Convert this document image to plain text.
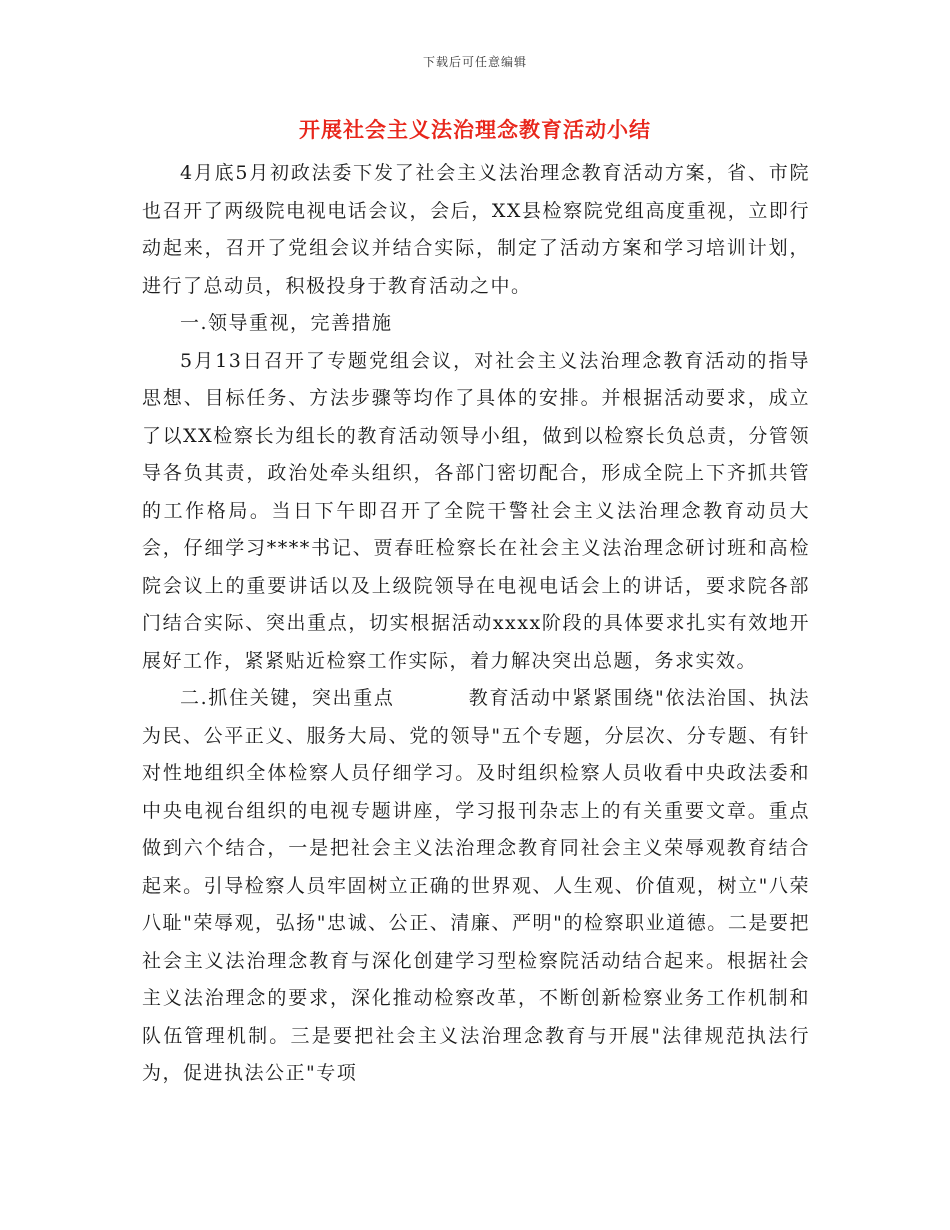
下载后可任意编辑
开展社会主义法治理念教育活动小结

4月底5月初政法委下发了社会主义法治理念教育活动方案，省、市院也召开了两级院电视电话会议，会后，XX县检察院党组高度重视，立即行动起来，召开了党组会议并结合实际，制定了活动方案和学习培训计划，进行了总动员，积极投身于教育活动之中。

一.领导重视，完善措施

5月13日召开了专题党组会议，对社会主义法治理念教育活动的指导思想、目标任务、方法步骤等均作了具体的安排。并根据活动要求，成立了以XX检察长为组长的教育活动领导小组，做到以检察长负总责，分管领导各负其责，政治处牵头组织，各部门密切配合，形成全院上下齐抓共管的工作格局。当日下午即召开了全院干警社会主义法治理念教育动员大会，仔细学习****书记、贾春旺检察长在社会主义法治理念研讨班和高检院会议上的重要讲话以及上级院领导在电视电话会上的讲话，要求院各部门结合实际、突出重点，切实根据活动xxxx阶段的具体要求扎实有效地开展好工作，紧紧贴近检察工作实际，着力解决突出总题，务求实效。

二.抓住关键，突出重点	教育活动中紧紧围绕"依法治国、执法为民、公平正义、服务大局、党的领导"五个专题，分层次、分专题、有针对性地组织全体检察人员仔细学习。及时组织检察人员收看中央政法委和中央电视台组织的电视专题讲座，学习报刊杂志上的有关重要文章。重点做到六个结合，一是把社会主义法治理念教育同社会主义荣辱观教育结合起来。引导检察人员牢固树立正确的世界观、人生观、价值观，树立"八荣八耻"荣辱观，弘扬"忠诚、公正、清廉、严明"的检察职业道德。二是要把社会主义法治理念教育与深化创建学习型检察院活动结合起来。根据社会主义法治理念的要求，深化推动检察改革，不断创新检察业务工作机制和队伍管理机制。三是要把社会主义法治理念教育与开展"法律规范执法行为，促进执法公正"专项
